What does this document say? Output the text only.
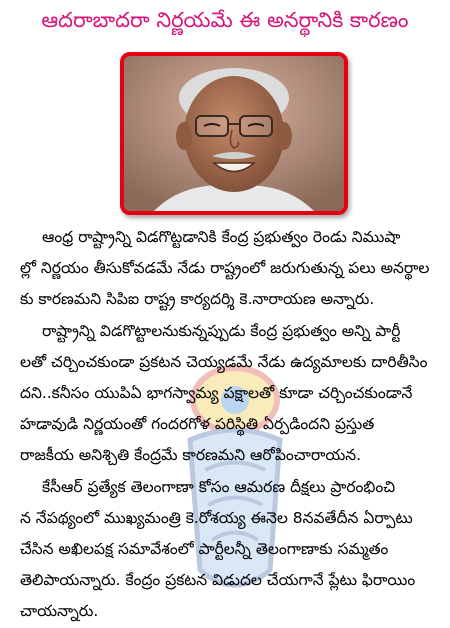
ఆదరాబాదరా నిర్ణయమే ఈ అనర్థానికి కారణం

ఆంధ్ర రాష్ట్రాన్ని విడగొట్టడానికి కేంద్ర ప్రభుత్వం రెండు నిముషా
ల్లో నిర్ణయం తీసుకోవడమే నేడు రాష్ట్రంలో జరుగుతున్న పలు అనర్థాల
కు కారణమని సిపిఐ రాష్ట్ర కార్యదర్శి కె.నారాయణ అన్నారు.

రాష్ట్రాన్ని విడగొట్టాలనుకున్నప్పుడు కేంద్ర ప్రభుత్వం అన్ని పార్టీ
లతో చర్చించకుండా ప్రకటన చెయ్యడమే నేడు ఉద్యమాలకు దారితీసిం
దని..కనీసం యుపిఏ భాగస్వామ్య పక్షాలతో కూడా చర్చించకుండానే
హడావుడి నిర్ణయంతో గందరగోళ పరిస్థితి ఏర్పడిందని ప్రస్తుత
రాజకీయ అనిశ్చితి కేంద్రమే కారణమని ఆరోపించారాయన.

కేసీఆర్ ప్రత్యేక తెలంగాణా కోసం ఆమరణ దీక్షలు ప్రారంభించి
న నేపథ్యంలో ముఖ్యమంత్రి కె.రోశయ్య ఈనెల 8నవతేదీన ఏర్పాటు
చేసిన అఖిలపక్ష సమావేశంలో పార్టీలన్నీ తెలంగాణాకు సమ్మతం
తెలిపాయన్నారు. కేంద్రం ప్రకటన విడుదల చేయగానే ప్లేటు ఫిరాయిం
చాయన్నారు.
